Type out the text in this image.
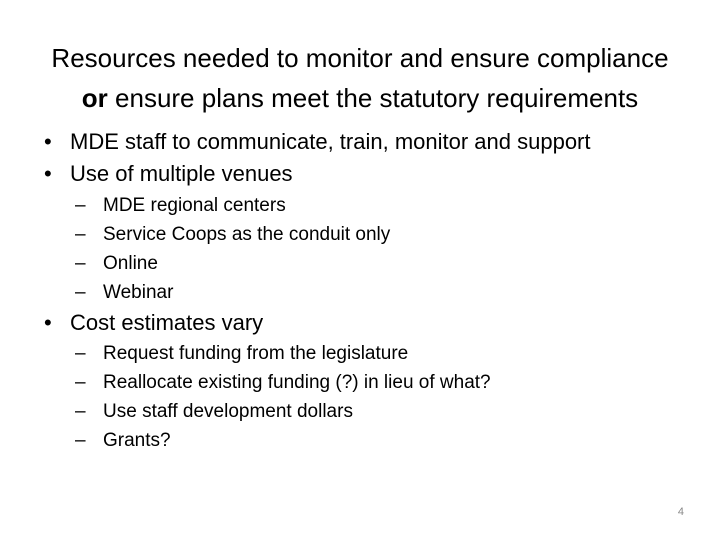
Resources needed to monitor and ensure compliance
or ensure plans meet the statutory requirements
• MDE staff to communicate, train, monitor and support
• Use of multiple venues
– MDE regional centers
– Service Coops as the conduit only
– Online
– Webinar
• Cost estimates vary
– Request funding from the legislature
– Reallocate existing funding (?) in lieu of what?
– Use staff development dollars
– Grants?
4
